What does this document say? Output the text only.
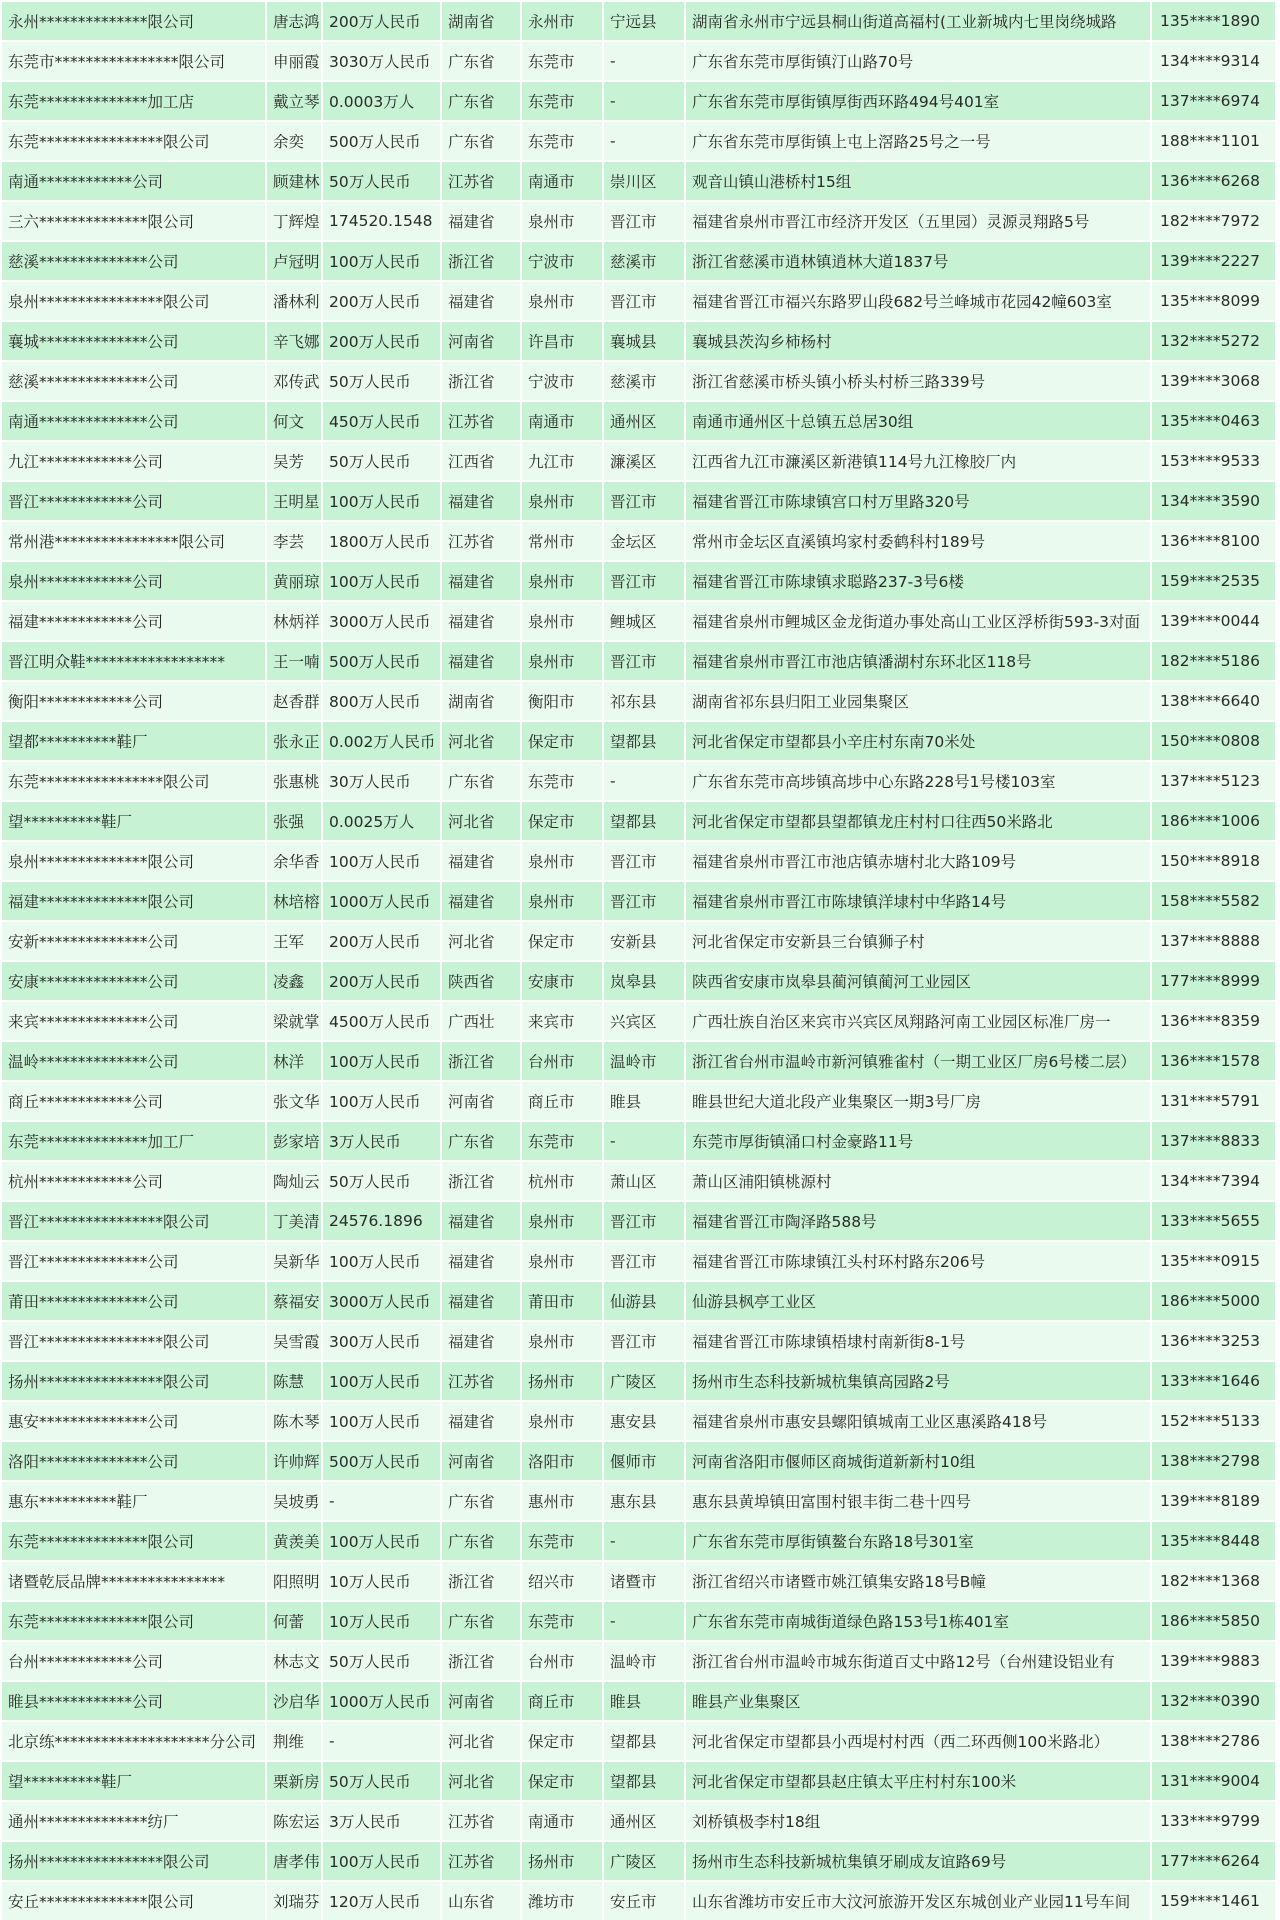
永州**************限公司	唐志鸿	200万人民币	湖南省	永州市	宁远县	湖南省永州市宁远县桐山街道高福村(工业新城内七里岗绕城路	135****1890
东莞市****************限公司	申丽霞	3030万人民币	广东省	东莞市	-	广东省东莞市厚街镇汀山路70号	134****9314
东莞**************加工店	戴立琴	0.0003万人	广东省	东莞市	-	广东省东莞市厚街镇厚街西环路494号401室	137****6974
东莞****************限公司	余奕	500万人民币	广东省	东莞市	-	广东省东莞市厚街镇上屯上滘路25号之一号	188****1101
南通************公司	顾建林	50万人民币	江苏省	南通市	崇川区	观音山镇山港桥村15组	136****6268
三六**************限公司	丁辉煌	174520.1548	福建省	泉州市	晋江市	福建省泉州市晋江市经济开发区（五里园）灵源灵翔路5号	182****7972
慈溪**************公司	卢冠明	100万人民币	浙江省	宁波市	慈溪市	浙江省慈溪市逍林镇逍林大道1837号	139****2227
泉州****************限公司	潘林利	200万人民币	福建省	泉州市	晋江市	福建省晋江市福兴东路罗山段682号兰峰城市花园42幢603室	135****8099
襄城**************公司	辛飞娜	200万人民币	河南省	许昌市	襄城县	襄城县茨沟乡柿杨村	132****5272
慈溪**************公司	邓传武	50万人民币	浙江省	宁波市	慈溪市	浙江省慈溪市桥头镇小桥头村桥三路339号	139****3068
南通**************公司	何文	450万人民币	江苏省	南通市	通州区	南通市通州区十总镇五总居30组	135****0463
九江************公司	吴芳	50万人民币	江西省	九江市	濂溪区	江西省九江市濂溪区新港镇114号九江橡胶厂内	153****9533
晋江************公司	王明星	100万人民币	福建省	泉州市	晋江市	福建省晋江市陈埭镇宫口村万里路320号	134****3590
常州港****************限公司	李芸	1800万人民币	江苏省	常州市	金坛区	常州市金坛区直溪镇坞家村委鹤科村189号	136****8100
泉州************公司	黄丽琼	100万人民币	福建省	泉州市	晋江市	福建省晋江市陈埭镇求聪路237-3号6楼	159****2535
福建************公司	林炳祥	3000万人民币	福建省	泉州市	鲤城区	福建省泉州市鲤城区金龙街道办事处高山工业区浮桥街593-3对面	139****0044
晋江明众鞋******************	王一喃	500万人民币	福建省	泉州市	晋江市	福建省泉州市晋江市池店镇潘湖村东环北区118号	182****5186
衡阳************公司	赵香群	800万人民币	湖南省	衡阳市	祁东县	湖南省祁东县归阳工业园集聚区	138****6640
望都**********鞋厂	张永正	0.002万人民币	河北省	保定市	望都县	河北省保定市望都县小辛庄村东南70米处	150****0808
东莞****************限公司	张惠桃	30万人民币	广东省	东莞市	-	广东省东莞市高埗镇高埗中心东路228号1号楼103室	137****5123
望**********鞋厂	张强	0.0025万人	河北省	保定市	望都县	河北省保定市望都县望都镇龙庄村村口往西50米路北	186****1006
泉州**************限公司	余华香	100万人民币	福建省	泉州市	晋江市	福建省泉州市晋江市池店镇赤塘村北大路109号	150****8918
福建**************限公司	林培榕	1000万人民币	福建省	泉州市	晋江市	福建省泉州市晋江市陈埭镇洋埭村中华路14号	158****5582
安新**************公司	王军	200万人民币	河北省	保定市	安新县	河北省保定市安新县三台镇狮子村	137****8888
安康**************公司	凌鑫	200万人民币	陕西省	安康市	岚皋县	陕西省安康市岚皋县蔺河镇蔺河工业园区	177****8999
来宾**************公司	梁就掌	4500万人民币	广西壮	来宾市	兴宾区	广西壮族自治区来宾市兴宾区凤翔路河南工业园区标准厂房一	136****8359
温岭**************公司	林洋	100万人民币	浙江省	台州市	温岭市	浙江省台州市温岭市新河镇雅雀村（一期工业区厂房6号楼二层）	136****1578
商丘************公司	张文华	100万人民币	河南省	商丘市	睢县	睢县世纪大道北段产业集聚区一期3号厂房	131****5791
东莞**************加工厂	彭家培	3万人民币	广东省	东莞市	-	东莞市厚街镇涌口村金豪路11号	137****8833
杭州************公司	陶灿云	50万人民币	浙江省	杭州市	萧山区	萧山区浦阳镇桃源村	134****7394
晋江****************限公司	丁美清	24576.1896	福建省	泉州市	晋江市	福建省晋江市陶泽路588号	133****5655
晋江**************公司	吴新华	100万人民币	福建省	泉州市	晋江市	福建省晋江市陈埭镇江头村环村路东206号	135****0915
莆田**************公司	蔡福安	3000万人民币	福建省	莆田市	仙游县	仙游县枫亭工业区	186****5000
晋江****************限公司	吴雪霞	300万人民币	福建省	泉州市	晋江市	福建省晋江市陈埭镇梧埭村南新街8-1号	136****3253
扬州****************限公司	陈慧	100万人民币	江苏省	扬州市	广陵区	扬州市生态科技新城杭集镇高园路2号	133****1646
惠安**************公司	陈木琴	100万人民币	福建省	泉州市	惠安县	福建省泉州市惠安县螺阳镇城南工业区惠溪路418号	152****5133
洛阳**************公司	许帅辉	500万人民币	河南省	洛阳市	偃师市	河南省洛阳市偃师区商城街道新新村10组	138****2798
惠东**********鞋厂	吴坡勇	-	广东省	惠州市	惠东县	惠东县黄埠镇田富围村银丰街二巷十四号	139****8189
东莞**************限公司	黄羡美	100万人民币	广东省	东莞市	-	广东省东莞市厚街镇鳌台东路18号301室	135****8448
诸暨乾辰品牌****************	阳照明	10万人民币	浙江省	绍兴市	诸暨市	浙江省绍兴市诸暨市姚江镇集安路18号B幢	182****1368
东莞**************限公司	何蕾	10万人民币	广东省	东莞市	-	广东省东莞市南城街道绿色路153号1栋401室	186****5850
台州************公司	林志文	50万人民币	浙江省	台州市	温岭市	浙江省台州市温岭市城东街道百丈中路12号（台州建设铝业有	139****9883
睢县************公司	沙启华	1000万人民币	河南省	商丘市	睢县	睢县产业集聚区	132****0390
北京练********************分公司	荆维	-	河北省	保定市	望都县	河北省保定市望都县小西堤村村西（西二环西侧100米路北）	138****2786
望**********鞋厂	栗新房	50万人民币	河北省	保定市	望都县	河北省保定市望都县赵庄镇太平庄村村东100米	131****9004
通州**************纺厂	陈宏运	3万人民币	江苏省	南通市	通州区	刘桥镇极李村18组	133****9799
扬州****************限公司	唐孝伟	100万人民币	江苏省	扬州市	广陵区	扬州市生态科技新城杭集镇牙刷成友谊路69号	177****6264
安丘**************限公司	刘瑞芬	120万人民币	山东省	潍坊市	安丘市	山东省潍坊市安丘市大汶河旅游开发区东城创业产业园11号车间	159****1461
